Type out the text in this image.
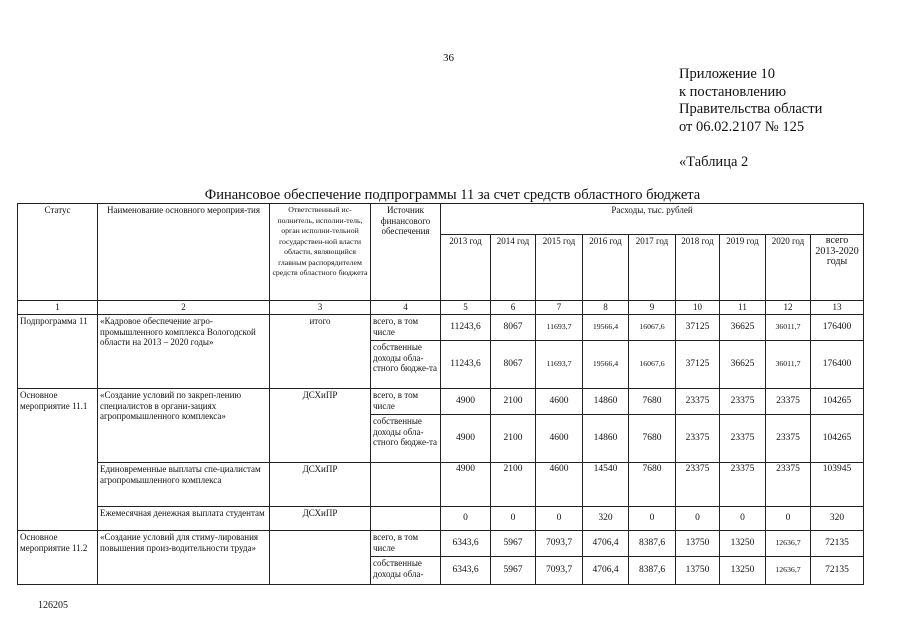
36
Приложение 10
к постановлению
Правительства области
от 06.02.2107 № 125
«Таблица 2
Финансовое обеспечение подпрограммы 11 за счет средств областного бюджета
Статус	Наименование основного мероприя-тия	Ответственный ис-полнитель, исполни-тель, орган исполни-тельной государствен-ной власти области, являющийся главным распорядителем средств областного бюджета	Источник финансового обеспечения	Расходы, тыс. рублей								
				2013 год	2014 год	2015 год	2016 год	2017 год	2018 год	2019 год	2020 год	всего 2013-2020 годы
1	2	3	4	5	6	7	8	9	10	11	12	13
Подпрограмма 11	«Кадровое обеспечение агро-промышленного комплекса Вологодской области на 2013 – 2020 годы»	итого	всего, в том числе	11243,6	8067	11693,7	19566,4	16067,6	37125	36625	36011,7	176400
			собственные доходы обла-стного бюдже-та	11243,6	8067	11693,7	19566,4	16067,6	37125	36625	36011,7	176400
Основное мероприятие 11.1	«Создание условий по закреп-лению специалистов в органи-зациях агропромышленного комплекса»	ДСХиПР	всего, в том числе	4900	2100	4600	14860	7680	23375	23375	23375	104265
			собственные доходы обла-стного бюдже-та	4900	2100	4600	14860	7680	23375	23375	23375	104265
	Единовременные выплаты спе-циалистам агропромышленного комплекса	ДСХиПР		4900	2100	4600	14540	7680	23375	23375	23375	103945
	Ежемесячная денежная выплата студентам	ДСХиПР		0	0	0	320	0	0	0	0	320
Основное мероприятие 11.2	«Создание условий для стиму-лирования повышения произ-водительности труда»		всего, в том числе	6343,6	5967	7093,7	4706,4	8387,6	13750	13250	12636,7	72135
			собственные доходы обла-	6343,6	5967	7093,7	4706,4	8387,6	13750	13250	12636,7	72135
126205
